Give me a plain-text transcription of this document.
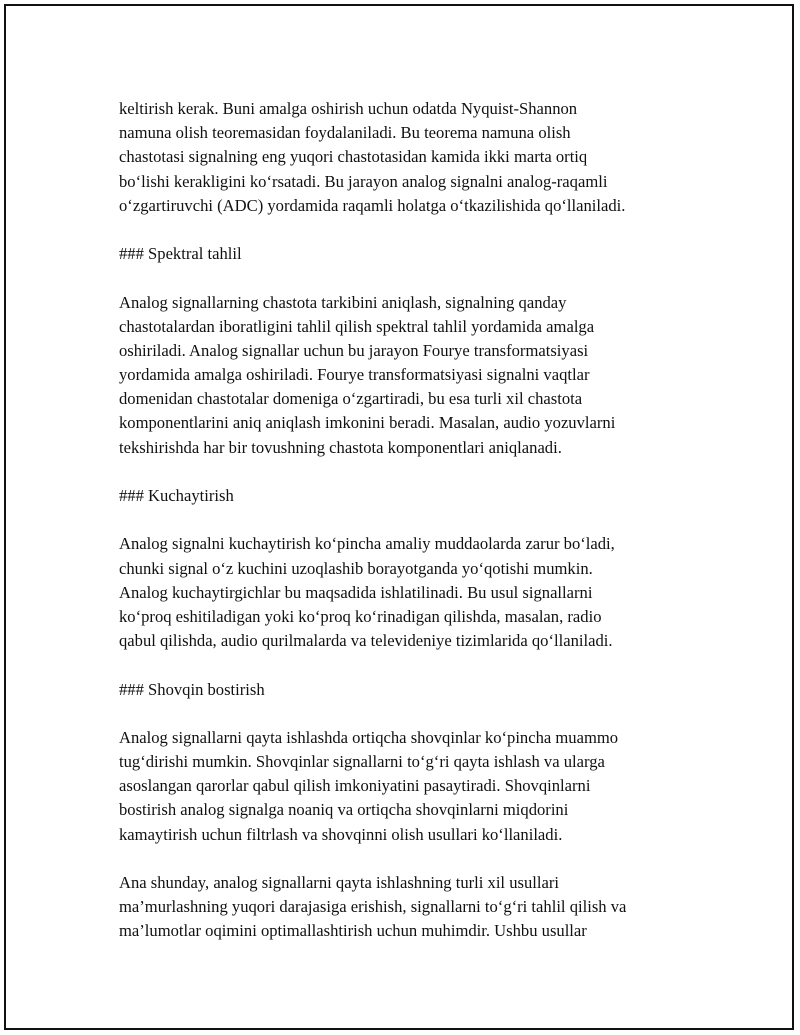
keltirish kerak. Buni amalga oshirish uchun odatda Nyquist-Shannon
namuna olish teoremasidan foydalaniladi. Bu teorema namuna olish
chastotasi signalning eng yuqori chastotasidan kamida ikki marta ortiq
bo‘lishi kerakligini ko‘rsatadi. Bu jarayon analog signalni analog-raqamli
o‘zgartiruvchi (ADC) yordamida raqamli holatga o‘tkazilishida qo‘llaniladi.
### Spektral tahlil
Analog signallarning chastota tarkibini aniqlash, signalning qanday
chastotalardan iboratligini tahlil qilish spektral tahlil yordamida amalga
oshiriladi. Analog signallar uchun bu jarayon Fourye transformatsiyasi
yordamida amalga oshiriladi. Fourye transformatsiyasi signalni vaqtlar
domenidan chastotalar domeniga o‘zgartiradi, bu esa turli xil chastota
komponentlarini aniq aniqlash imkonini beradi. Masalan, audio yozuvlarni
tekshirishda har bir tovushning chastota komponentlari aniqlanadi.
### Kuchaytirish
Analog signalni kuchaytirish ko‘pincha amaliy muddaolarda zarur bo‘ladi,
chunki signal o‘z kuchini uzoqlashib borayotganda yo‘qotishi mumkin.
Analog kuchaytirgichlar bu maqsadida ishlatilinadi. Bu usul signallarni
ko‘proq eshitiladigan yoki ko‘proq ko‘rinadigan qilishda, masalan, radio
qabul qilishda, audio qurilmalarda va televideniye tizimlarida qo‘llaniladi.
### Shovqin bostirish
Analog signallarni qayta ishlashda ortiqcha shovqinlar ko‘pincha muammo
tug‘dirishi mumkin. Shovqinlar signallarni to‘g‘ri qayta ishlash va ularga
asoslangan qarorlar qabul qilish imkoniyatini pasaytiradi. Shovqinlarni
bostirish analog signalga noaniq va ortiqcha shovqinlarni miqdorini
kamaytirish uchun filtrlash va shovqinni olish usullari ko‘llaniladi.
Ana shunday, analog signallarni qayta ishlashning turli xil usullari
ma’murlashning yuqori darajasiga erishish, signallarni to‘g‘ri tahlil qilish va
ma’lumotlar oqimini optimallashtirish uchun muhimdir. Ushbu usullar
